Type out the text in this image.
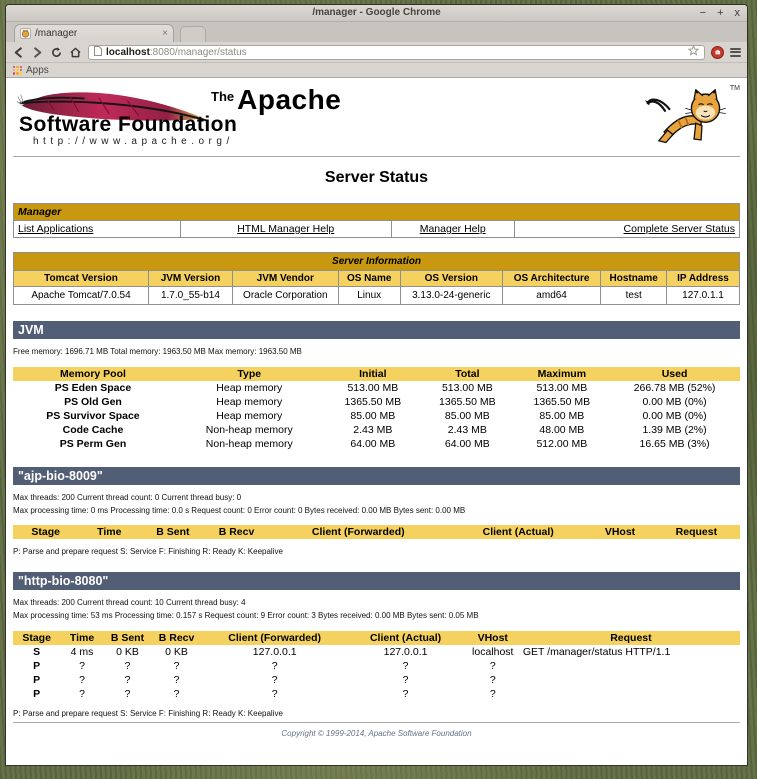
/manager - Google Chrome	− + x
/manager	×
localhost:8080/manager/status
Apps
The Apache
Software Foundation
http://www.apache.org/
TM
Server Status
Manager
List Applications	HTML Manager Help	Manager Help	Complete Server Status
Server Information							
Tomcat Version	JVM Version	JVM Vendor	OS Name	OS Version	OS Architecture	Hostname	IP Address
Apache Tomcat/7.0.54	1.7.0_55-b14	Oracle Corporation	Linux	3.13.0-24-generic	amd64	test	127.0.1.1
JVM
Free memory: 1696.71 MB Total memory: 1963.50 MB Max memory: 1963.50 MB
Memory Pool	Type	Initial	Total	Maximum	Used
PS Eden Space	Heap memory	513.00 MB	513.00 MB	513.00 MB	266.78 MB (52%)
PS Old Gen	Heap memory	1365.50 MB	1365.50 MB	1365.50 MB	0.00 MB (0%)
PS Survivor Space	Heap memory	85.00 MB	85.00 MB	85.00 MB	0.00 MB (0%)
Code Cache	Non-heap memory	2.43 MB	2.43 MB	48.00 MB	1.39 MB (2%)
PS Perm Gen	Non-heap memory	64.00 MB	64.00 MB	512.00 MB	16.65 MB (3%)
"ajp-bio-8009"
Max threads: 200 Current thread count: 0 Current thread busy: 0
Max processing time: 0 ms Processing time: 0.0 s Request count: 0 Error count: 0 Bytes received: 0.00 MB Bytes sent: 0.00 MB
Stage	Time	B Sent	B Recv	Client (Forwarded)	Client (Actual)	VHost	Request
P: Parse and prepare request S: Service F: Finishing R: Ready K: Keepalive
"http-bio-8080"
Max threads: 200 Current thread count: 10 Current thread busy: 4
Max processing time: 53 ms Processing time: 0.157 s Request count: 9 Error count: 3 Bytes received: 0.00 MB Bytes sent: 0.05 MB
Stage	Time	B Sent	B Recv	Client (Forwarded)	Client (Actual)	VHost	Request
S	4 ms	0 KB	0 KB	127.0.0.1	127.0.0.1	localhost	GET /manager/status HTTP/1.1
P	?	?	?	?	?	?	
P	?	?	?	?	?	?	
P	?	?	?	?	?	?	
P: Parse and prepare request S: Service F: Finishing R: Ready K: Keepalive
Copyright © 1999-2014, Apache Software Foundation
